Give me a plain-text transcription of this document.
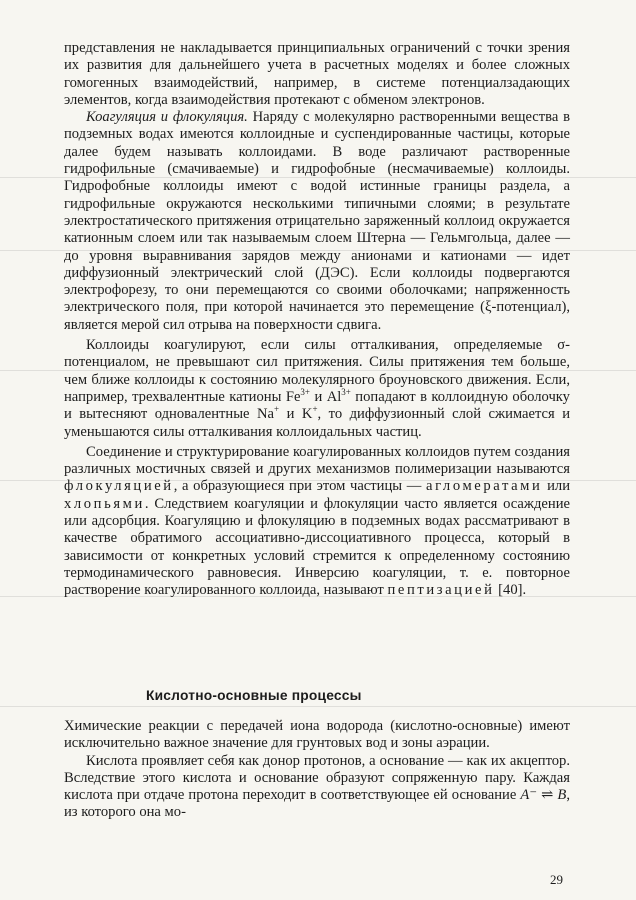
представления не накладывается принципиальных ограничений с точки зрения их развития для дальнейшего учета в расчетных моделях и более сложных гомогенных взаимодействий, например, в системе потенциалзадающих элементов, когда взаимодействия протекают с обменом электронов.

Коагуляция и флокуляция. Наряду с молекулярно растворенными вещества в подземных водах имеются коллоидные и суспендированные частицы, которые далее будем называть коллоидами. В воде различают растворенные гидрофильные (смачиваемые) и гидрофобные (несмачиваемые) коллоиды. Гидрофобные коллоиды имеют с водой истинные границы раздела, а гидрофильные окружаются несколькими типичными слоями; в результате электростатического притяжения отрицательно заряженный коллоид окружается катионным слоем или так называемым слоем Штерна — Гельмгольца, далее — до уровня выравнивания зарядов между анионами и катионами — идет диффузионный электрический слой (ДЭС). Если коллоиды подвергаются электрофорезу, то они перемещаются со своими оболочками; напряженность электрического поля, при которой начинается это перемещение (ξ-потенциал), является мерой сил отрыва на поверхности сдвига.

Коллоиды коагулируют, если силы отталкивания, определяемые σ-потенциалом, не превышают сил притяжения. Силы притяжения тем больше, чем ближе коллоиды к состоянию молекулярного броуновского движения. Если, например, трехвалентные катионы $Fe^{3+}$ и $Al^{3+}$ попадают в коллоидную оболочку и вытесняют одновалентные Na+ и K+, то диффузионный слой сжимается и уменьшаются силы отталкивания коллоидальных частиц.

Соединение и структурирование коагулированных коллоидов путем создания различных мостичных связей и других механизмов полимеризации называются флокуляцией, а образующиеся при этом частицы — агломератами или хлопьями. Следствием коагуляции и флокуляции часто является осаждение или адсорбция. Коагуляцию и флокуляцию в подземных водах рассматривают в качестве обратимого ассоциативно-диссоциативного процесса, который в зависимости от конкретных условий стремится к определенному состоянию термодинамического равновесия. Инверсию коагуляции, т. е. повторное растворение коагулированного коллоида, называют пептизацией [40].

Кислотно-основные процессы

Химические реакции с передачей иона водорода (кислотно-основные) имеют исключительно важное значение для грунтовых вод и зоны аэрации.

Кислота проявляет себя как донор протонов, а основание — как их акцептор. Вследствие этого кислота и основание образуют сопряженную пару. Каждая кислота при отдаче протона переходит в соответствующее ей основание A⁻ ⇌ B, из которого она мо-

29
